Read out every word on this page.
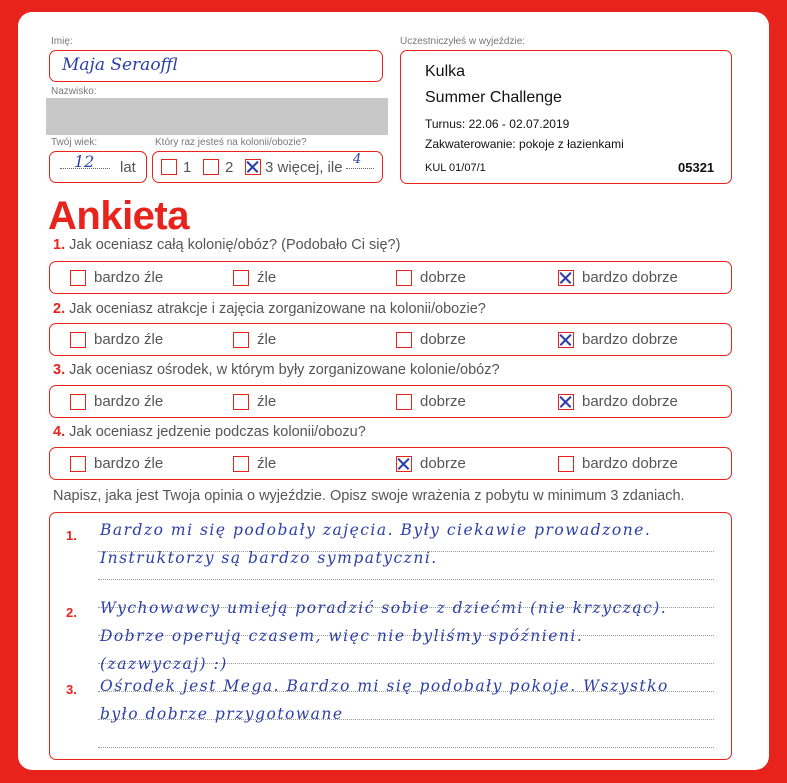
Imię:
Maja Seraoffl
Nazwisko:
Twój wiek:
12 lat
Który raz jesteś na kolonii/obozie?
1 2 3 więcej, ile 4
Uczestniczyłeś w wyjeździe:
Kulka
Summer Challenge
Turnus: 22.06 - 02.07.2019
Zakwaterowanie: pokoje z łazienkami
KUL 01/07/1	05321
Ankieta
1. Jak oceniasz całą kolonię/obóz? (Podobało Ci się?)
bardzo źle	źle	dobrze	bardzo dobrze
2. Jak oceniasz atrakcje i zajęcia zorganizowane na kolonii/obozie?
bardzo źle	źle	dobrze	bardzo dobrze
3. Jak oceniasz ośrodek, w którym były zorganizowane kolonie/obóz?
bardzo źle	źle	dobrze	bardzo dobrze
4. Jak oceniasz jedzenie podczas kolonii/obozu?
bardzo źle	źle	dobrze	bardzo dobrze
Napisz, jaka jest Twoja opinia o wyjeździe. Opisz swoje wrażenia z pobytu w minimum 3 zdaniach.
1. Bardzo mi się podobały zajęcia. Były ciekawie prowadzone.
Instruktorzy są bardzo sympatyczni.
2. Wychowawcy umieją poradzić sobie z dziećmi (nie krzycząc).
Dobrze operują czasem, więc nie byliśmy spóźnieni.
(zazwyczaj) :)
3. Ośrodek jest Mega. Bardzo mi się podobały pokoje. Wszystko
było dobrze przygotowane
